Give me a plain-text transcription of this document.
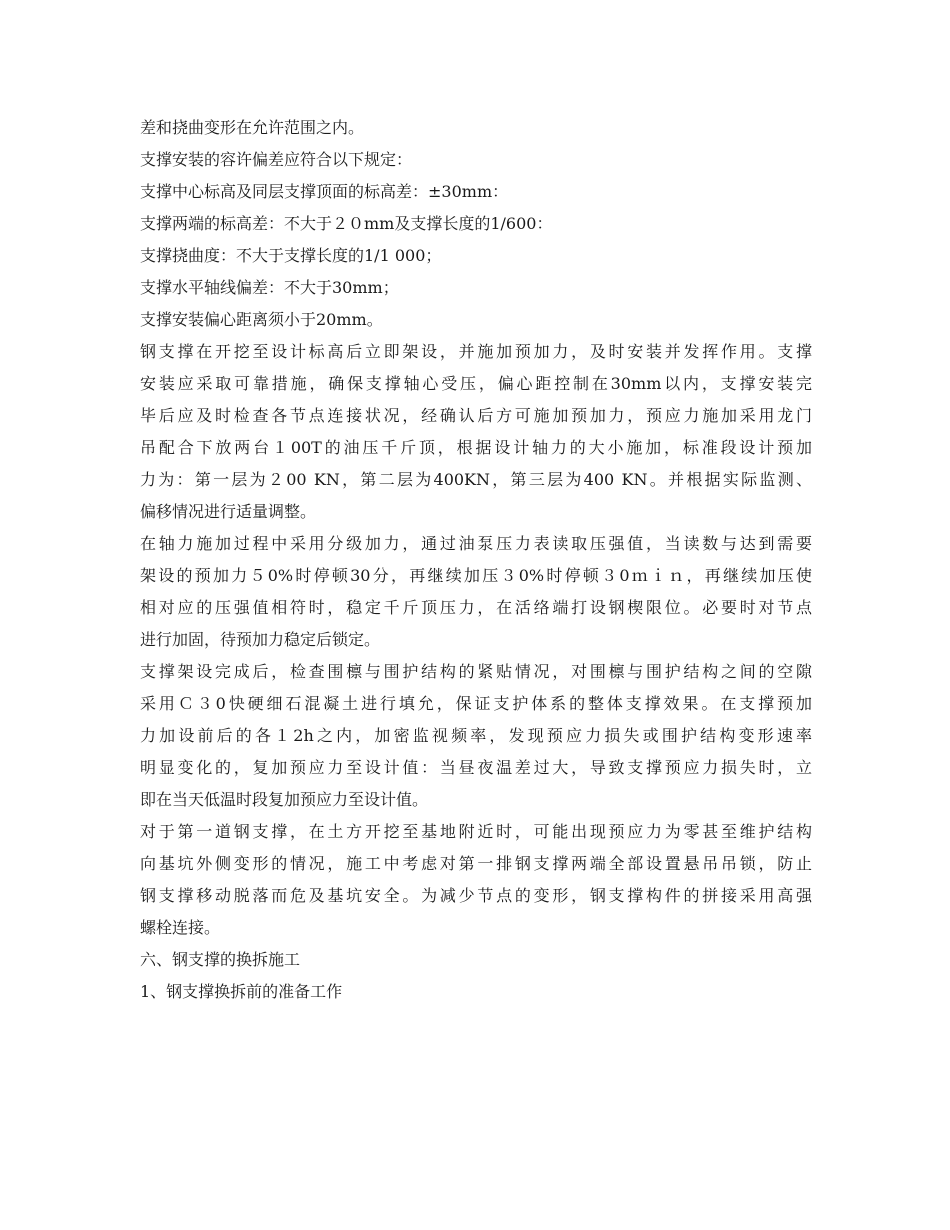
差和挠曲变形在允许范围之内。
支撑安装的容许偏差应符合以下规定：
支撑中心标高及同层支撑顶面的标高差：±30mm：
支撑两端的标高差：不大于２０mm及支撑长度的1/600：
支撑挠曲度：不大于支撑长度的1/1 000；
支撑水平轴线偏差：不大于30mm；
支撑安装偏心距离须小于20mm。
钢支撑在开挖至设计标高后立即架设，并施加预加力，及时安装并发挥作用。支撑
安装应采取可靠措施，确保支撑轴心受压，偏心距控制在30mm以内，支撑安装完
毕后应及时检查各节点连接状况，经确认后方可施加预加力，预应力施加采用龙门
吊配合下放两台１00T的油压千斤顶，根据设计轴力的大小施加，标准段设计预加
力为：第一层为２00 KN，第二层为400KN，第三层为400 KN。并根据实际监测、
偏移情况进行适量调整。
在轴力施加过程中采用分级加力，通过油泵压力表读取压强值，当读数与达到需要
架设的预加力５0%时停顿30分，再继续加压３0%时停顿３0ｍｉｎ，再继续加压使
相对应的压强值相符时，稳定千斤顶压力，在活络端打设钢楔限位。必要时对节点
进行加固，待预加力稳定后锁定。
支撑架设完成后，检查围檩与围护结构的紧贴情况，对围檩与围护结构之间的空隙
采用Ｃ３0快硬细石混凝土进行填允，保证支护体系的整体支撑效果。在支撑预加
力加设前后的各１2h之内，加密监视频率，发现预应力损失或围护结构变形速率
明显变化的，复加预应力至设计值：当昼夜温差过大，导致支撑预应力损失时，立
即在当天低温时段复加预应力至设计值。
对于第一道钢支撑，在土方开挖至基地附近时，可能出现预应力为零甚至维护结构
向基坑外侧变形的情况，施工中考虑对第一排钢支撑两端全部设置悬吊吊锁，防止
钢支撑移动脱落而危及基坑安全。为减少节点的变形，钢支撑构件的拼接采用高强
螺栓连接。
六、钢支撑的换拆施工
1、钢支撑换拆前的准备工作
